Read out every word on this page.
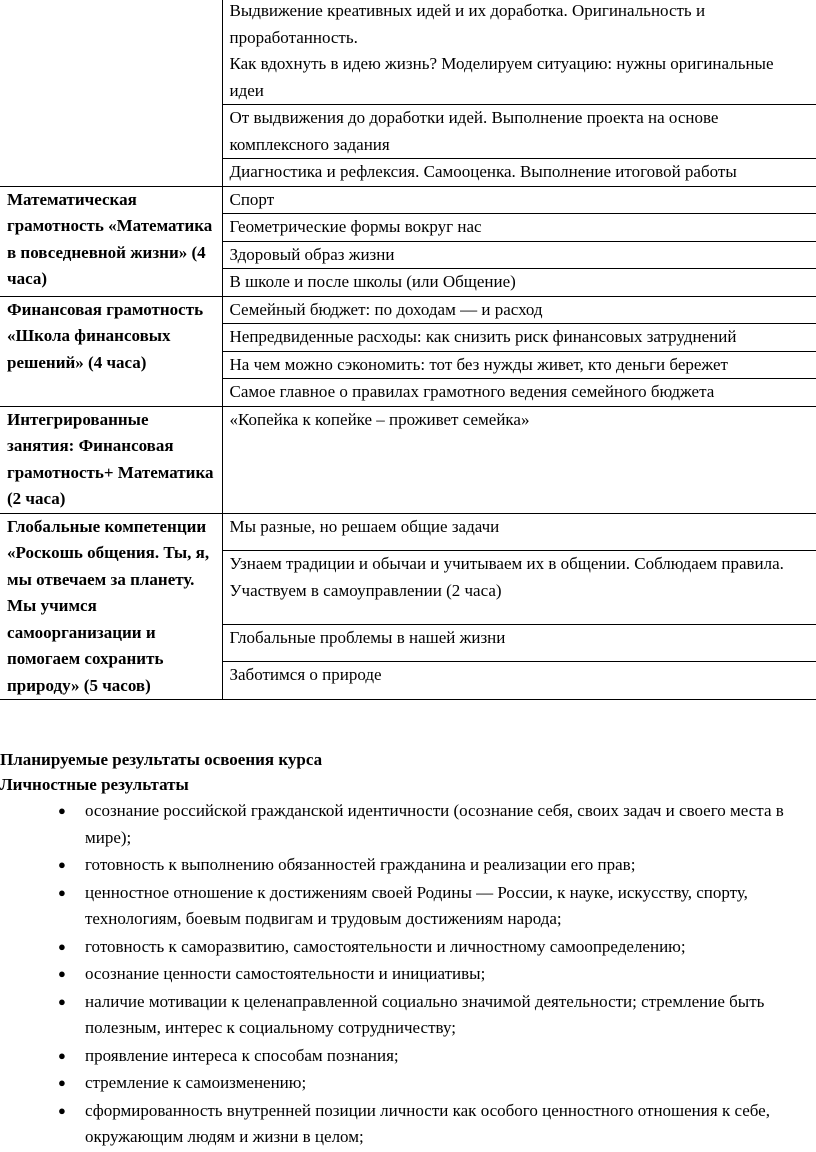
	Выдвижение креативных идей и их доработка. Оригинальность и проработанность.
	Как вдохнуть в идею жизнь? Моделируем ситуацию: нужны оригинальные идеи
	От выдвижения до доработки идей. Выполнение проекта на основе комплексного задания
	Диагностика и рефлексия. Самооценка. Выполнение итоговой работы
Математическая грамотность «Математика в повседневной жизни» (4 часа)	Спорт
	Геометрические формы вокруг нас
	Здоровый образ жизни
	В школе и после школы (или Общение)
Финансовая грамотность «Школа финансовых решений» (4 часа)	Семейный бюджет: по доходам — и расход
	Непредвиденные расходы: как снизить риск финансовых затруднений
	На чем можно сэкономить: тот без нужды живет, кто деньги бережет
	Самое главное о правилах грамотного ведения семейного бюджета
Интегрированные занятия: Финансовая грамотность+ Математика (2 часа)	«Копейка к копейке – проживет семейка»
Глобальные компетенции «Роскошь общения. Ты, я, мы отвечаем за планету. Мы учимся самоорганизации и помогаем сохранить природу» (5 часов)	Мы разные, но решаем общие задачи
	Узнаем традиции и обычаи и учитываем их в общении. Соблюдаем правила. Участвуем в самоуправлении (2 часа)
	Глобальные проблемы в нашей жизни
	Заботимся о природе
Планируемые результаты освоения курса
Личностные результаты
● осознание российской гражданской идентичности (осознание себя, своих задач и своего места в мире);
● готовность к выполнению обязанностей гражданина и реализации его прав;
● ценностное отношение к достижениям своей Родины — России, к науке, искусству, спорту, технологиям, боевым подвигам и трудовым достижениям народа;
● готовность к саморазвитию, самостоятельности и личностному самоопределению;
● осознание ценности самостоятельности и инициативы;
● наличие мотивации к целенаправленной социально значимой деятельности; стремление быть полезным, интерес к социальному сотрудничеству;
● проявление интереса к способам познания;
● стремление к самоизменению;
● сформированность внутренней позиции личности как особого ценностного отношения к себе, окружающим людям и жизни в целом;
